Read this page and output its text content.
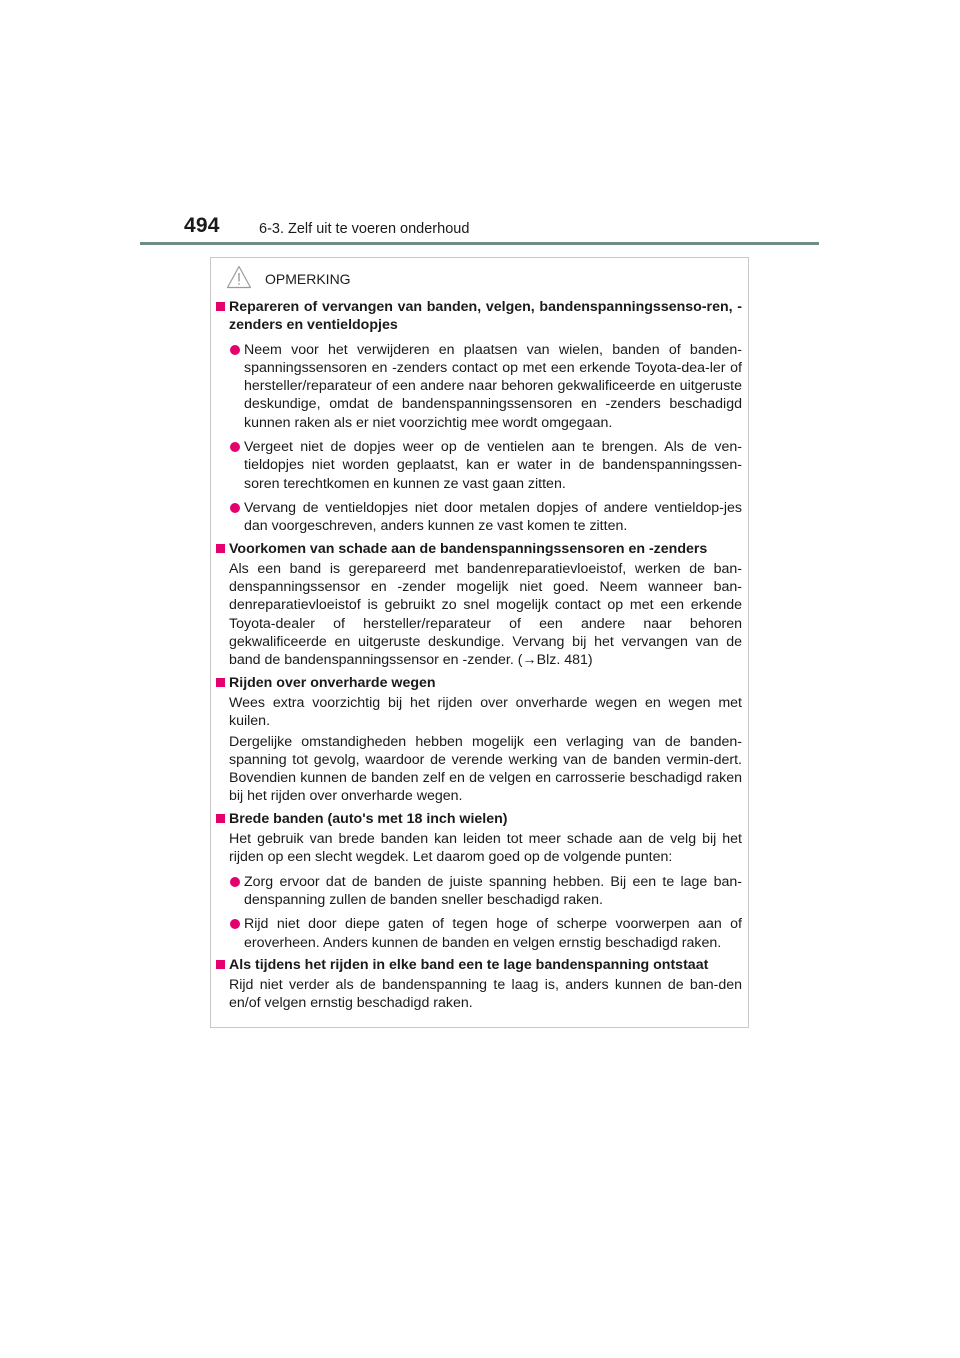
494	6-3. Zelf uit te voeren onderhoud
OPMERKING
Repareren of vervangen van banden, velgen, bandenspanningssenso-ren, -zenders en ventieldopjes
Neem voor het verwijderen en plaatsen van wielen, banden of banden-spanningssensoren en -zenders contact op met een erkende Toyota-dea-ler of hersteller/reparateur of een andere naar behoren gekwalificeerde en uitgeruste deskundige, omdat de bandenspanningssensoren en -zenders beschadigd kunnen raken als er niet voorzichtig mee wordt omgegaan.
Vergeet niet de dopjes weer op de ventielen aan te brengen. Als de ven-tieldopjes niet worden geplaatst, kan er water in de bandenspanningssen-soren terechtkomen en kunnen ze vast gaan zitten.
Vervang de ventieldopjes niet door metalen dopjes of andere ventieldop-jes dan voorgeschreven, anders kunnen ze vast komen te zitten.
Voorkomen van schade aan de bandenspanningssensoren en -zenders
Als een band is gerepareerd met bandenreparatievloeistof, werken de ban-denspanningssensor en -zender mogelijk niet goed. Neem wanneer ban-denreparatievloeistof is gebruikt zo snel mogelijk contact op met een erkende Toyota-dealer of hersteller/reparateur of een andere naar behoren gekwalificeerde en uitgeruste deskundige. Vervang bij het vervangen van de band de bandenspanningssensor en -zender. (→Blz. 481)
Rijden over onverharde wegen
Wees extra voorzichtig bij het rijden over onverharde wegen en wegen met kuilen.
Dergelijke omstandigheden hebben mogelijk een verlaging van de banden-spanning tot gevolg, waardoor de verende werking van de banden vermin-dert. Bovendien kunnen de banden zelf en de velgen en carrosserie beschadigd raken bij het rijden over onverharde wegen.
Brede banden (auto's met 18 inch wielen)
Het gebruik van brede banden kan leiden tot meer schade aan de velg bij het rijden op een slecht wegdek. Let daarom goed op de volgende punten:
Zorg ervoor dat de banden de juiste spanning hebben. Bij een te lage ban-denspanning zullen de banden sneller beschadigd raken.
Rijd niet door diepe gaten of tegen hoge of scherpe voorwerpen aan of eroverheen. Anders kunnen de banden en velgen ernstig beschadigd raken.
Als tijdens het rijden in elke band een te lage bandenspanning ontstaat
Rijd niet verder als de bandenspanning te laag is, anders kunnen de ban-den en/of velgen ernstig beschadigd raken.
